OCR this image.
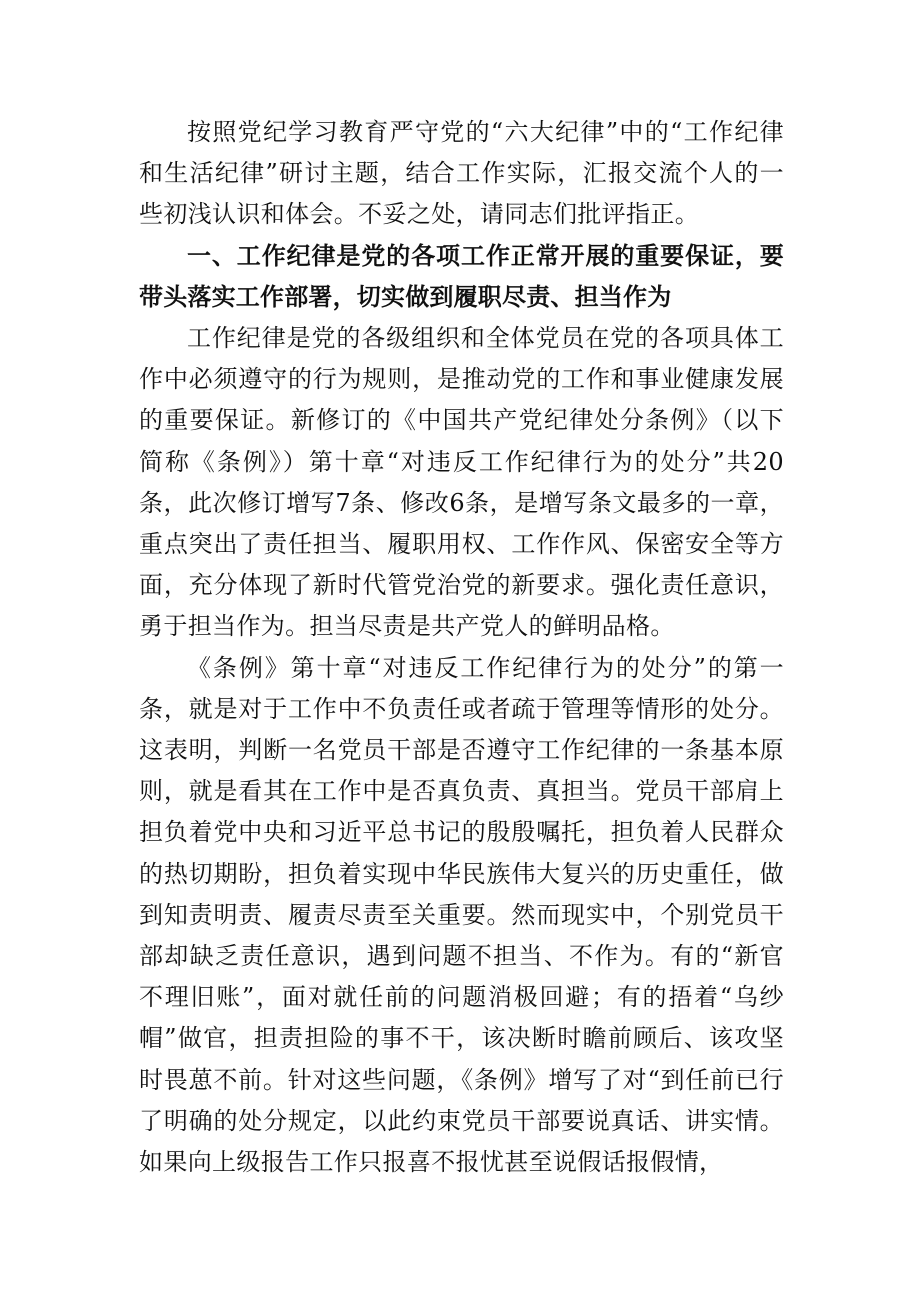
按照党纪学习教育严守党的“六大纪律”中的“工作纪律和生活纪律”研讨主题，结合工作实际，汇报交流个人的一些初浅认识和体会。不妥之处，请同志们批评指正。

一、工作纪律是党的各项工作正常开展的重要保证，要带头落实工作部署，切实做到履职尽责、担当作为

工作纪律是党的各级组织和全体党员在党的各项具体工作中必须遵守的行为规则，是推动党的工作和事业健康发展的重要保证。新修订的《中国共产党纪律处分条例》（以下简称《条例》）第十章“对违反工作纪律行为的处分”共20条，此次修订增写7条、修改6条，是增写条文最多的一章，重点突出了责任担当、履职用权、工作作风、保密安全等方面，充分体现了新时代管党治党的新要求。强化责任意识，勇于担当作为。担当尽责是共产党人的鲜明品格。

《条例》第十章“对违反工作纪律行为的处分”的第一条，就是对于工作中不负责任或者疏于管理等情形的处分。这表明，判断一名党员干部是否遵守工作纪律的一条基本原则，就是看其在工作中是否真负责、真担当。党员干部肩上担负着党中央和习近平总书记的殷殷嘱托，担负着人民群众的热切期盼，担负着实现中华民族伟大复兴的历史重任，做到知责明责、履责尽责至关重要。然而现实中，个别党员干部却缺乏责任意识，遇到问题不担当、不作为。有的“新官不理旧账”，面对就任前的问题消极回避；有的捂着“乌纱帽”做官，担责担险的事不干，该决断时瞻前顾后、该攻坚时畏葸不前。针对这些问题，《条例》增写了对“到任前已行了明确的处分规定，以此约束党员干部要说真话、讲实情。如果向上级报告工作只报喜不报忧甚至说假话报假情，
